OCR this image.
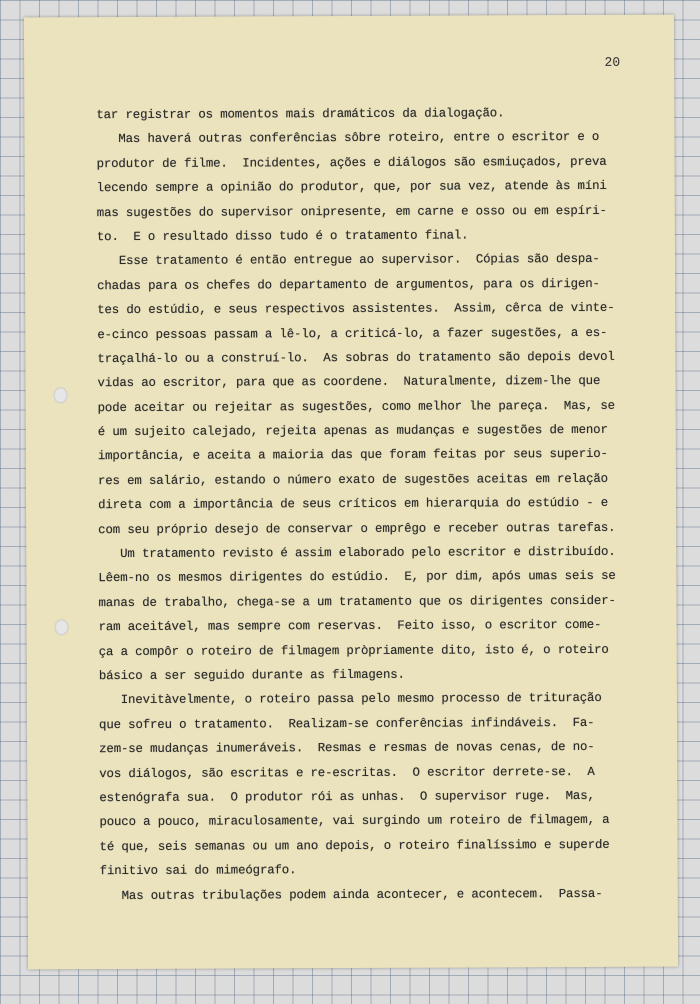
20
tar registrar os momentos mais dramáticos da dialogação.
Mas haverá outras conferências sôbre roteiro, entre o escritor e o
produtor de filme.  Incidentes, ações e diálogos são esmiuçados, preva
lecendo sempre a opinião do produtor, que, por sua vez, atende às míni
mas sugestões do supervisor onipresente, em carne e osso ou em espíri-
to.  E o resultado disso tudo é o tratamento final.
Esse tratamento é então entregue ao supervisor.  Cópias são despa-
chadas para os chefes do departamento de argumentos, para os dirigen-
tes do estúdio, e seus respectivos assistentes.  Assim, cêrca de vinte-
e-cinco pessoas passam a lê-lo, a criticá-lo, a fazer sugestões, a es-
traçalhá-lo ou a construí-lo.  As sobras do tratamento são depois devol
vidas ao escritor, para que as coordene.  Naturalmente, dizem-lhe que
pode aceitar ou rejeitar as sugestões, como melhor lhe pareça.  Mas, se
é um sujeito calejado, rejeita apenas as mudanças e sugestões de menor
importância, e aceita a maioria das que foram feitas por seus superio-
res em salário, estando o número exato de sugestões aceitas em relação
direta com a importância de seus críticos em hierarquia do estúdio - e
com seu próprio desejo de conservar o emprêgo e receber outras tarefas.
Um tratamento revisto é assim elaborado pelo escritor e distribuído.
Lêem-no os mesmos dirigentes do estúdio.  E, por dim, após umas seis se
manas de trabalho, chega-se a um tratamento que os dirigentes consider-
ram aceitável, mas sempre com reservas.  Feito isso, o escritor come-
ça a compôr o roteiro de filmagem pròpriamente dito, isto é, o roteiro
básico a ser seguido durante as filmagens.
Inevitàvelmente, o roteiro passa pelo mesmo processo de trituração
que sofreu o tratamento.  Realizam-se conferências infindáveis.  Fa-
zem-se mudanças inumeráveis.  Resmas e resmas de novas cenas, de no-
vos diálogos, são escritas e re-escritas.  O escritor derrete-se.  A
estenógrafa sua.  O produtor rói as unhas.  O supervisor ruge.  Mas,
pouco a pouco, miraculosamente, vai surgindo um roteiro de filmagem, a
té que, seis semanas ou um ano depois, o roteiro finalíssimo e superde
finitivo sai do mimeógrafo.
Mas outras tribulações podem ainda acontecer, e acontecem.  Passa-
